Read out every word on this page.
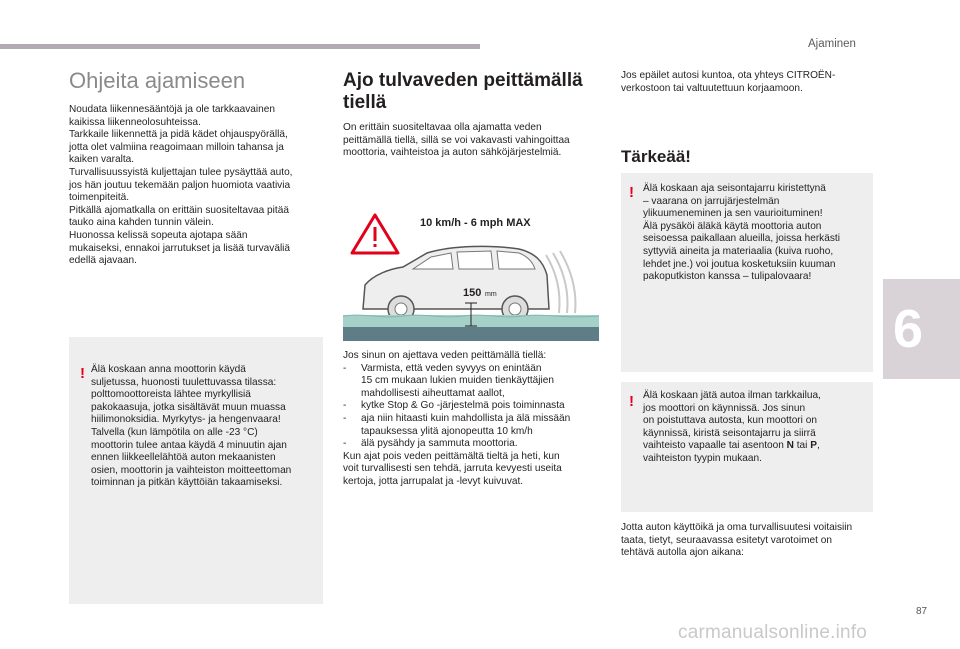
Ajaminen
6
Ohjeita ajamiseen

Noudata liikennesääntöjä ja ole tarkkaavainen
kaikissa liikenneolosuhteissa.
Tarkkaile liikennettä ja pidä kädet ohjauspyörällä,
jotta olet valmiina reagoimaan milloin tahansa ja
kaiken varalta.
Turvallisuussyistä kuljettajan tulee pysäyttää auto,
jos hän joutuu tekemään paljon huomiota vaativia
toimenpiteitä.
Pitkällä ajomatkalla on erittäin suositeltavaa pitää
tauko aina kahden tunnin välein.
Huonossa kelissä sopeuta ajotapa sään
mukaiseksi, ennakoi jarrutukset ja lisää turvaväliä
edellä ajavaan.

! Älä koskaan anna moottorin käydä
suljetussa, huonosti tuulettuvassa tilassa:
polttomoottoreista lähtee myrkyllisiä
pakokaasuja, jotka sisältävät muun muassa
hiilimonoksidia. Myrkytys- ja hengenvaara!
Talvella (kun lämpötila on alle -23 °C)
moottorin tulee antaa käydä 4 minuutin ajan
ennen liikkeellelähtöä auton mekaanisten
osien, moottorin ja vaihteiston moitteettoman
toiminnan ja pitkän käyttöiän takaamiseksi.
Ajo tulvaveden peittämällä
tiellä

On erittäin suositeltavaa olla ajamatta veden
peittämällä tiellä, sillä se voi vakavasti vahingoittaa
moottoria, vaihteistoa ja auton sähköjärjestelmiä.

10 km/h - 6 mph MAX
150 mm

Jos sinun on ajettava veden peittämällä tiellä:

- Varmista, että veden syvyys on enintään
15 cm mukaan lukien muiden tienkäyttäjien
mahdollisesti aiheuttamat aallot,
- kytke Stop & Go -järjestelmä pois toiminnasta
- aja niin hitaasti kuin mahdollista ja älä missään
tapauksessa ylitä ajonopeutta 10 km/h
- älä pysähdy ja sammuta moottoria.

Kun ajat pois veden peittämältä tieltä ja heti, kun
voit turvallisesti sen tehdä, jarruta kevyesti useita
kertoja, jotta jarrupalat ja -levyt kuivuvat.

Jos epäilet autosi kuntoa, ota yhteys CITROËN-
verkostoon tai valtuutettuun korjaamoon.

Tärkeää!
! Älä koskaan aja seisontajarru kiristettynä
– vaarana on jarrujärjestelmän
ylikuumeneminen ja sen vaurioituminen!
Älä pysäköi äläkä käytä moottoria auton
seisoessa paikallaan alueilla, joissa herkästi
syttyviä aineita ja materiaalia (kuiva ruoho,
lehdet jne.) voi joutua kosketuksiin kuuman
pakoputkiston kanssa – tulipalovaara!
! Älä koskaan jätä autoa ilman tarkkailua,
jos moottori on käynnissä. Jos sinun
on poistuttava autosta, kun moottori on
käynnissä, kiristä seisontajarru ja siirrä
vaihteisto vapaalle tai asentoon N tai P,
vaihteiston tyypin mukaan.

Jotta auton käyttöikä ja oma turvallisuutesi voitaisiin
taata, tietyt, seuraavassa esitetyt varotoimet on
tehtävä autolla ajon aikana:

87
carmanualsonline.info
